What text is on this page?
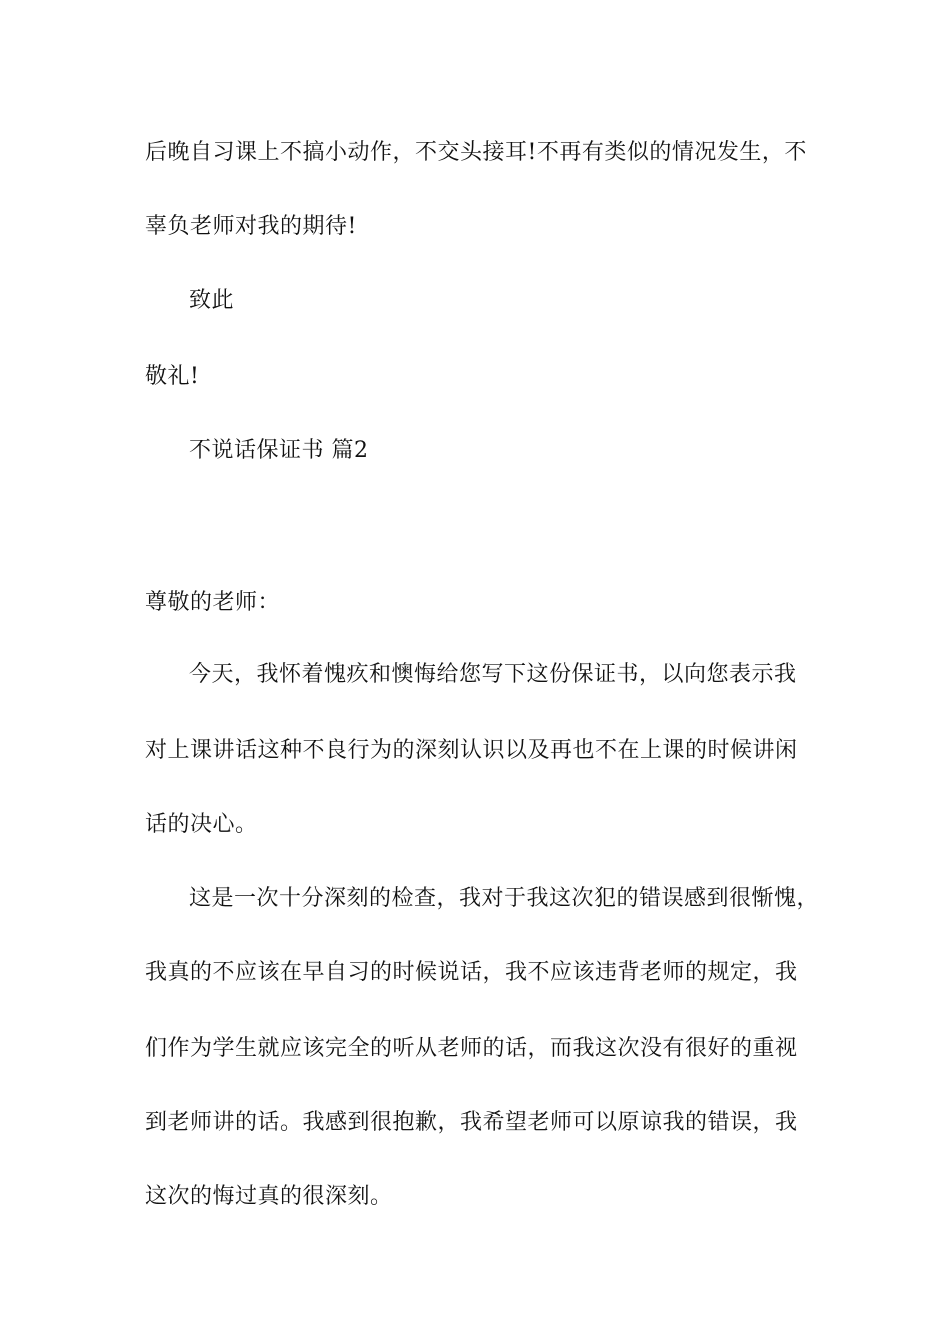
后晚自习课上不搞小动作，不交头接耳!不再有类似的情况发生，不
辜负老师对我的期待!
致此
敬礼!
不说话保证书 篇2
尊敬的老师：
今天，我怀着愧疚和懊悔给您写下这份保证书，以向您表示我
对上课讲话这种不良行为的深刻认识以及再也不在上课的时候讲闲
话的决心。
这是一次十分深刻的检查，我对于我这次犯的错误感到很惭愧，
我真的不应该在早自习的时候说话，我不应该违背老师的规定，我
们作为学生就应该完全的听从老师的话，而我这次没有很好的重视
到老师讲的话。我感到很抱歉，我希望老师可以原谅我的错误，我
这次的悔过真的很深刻。
